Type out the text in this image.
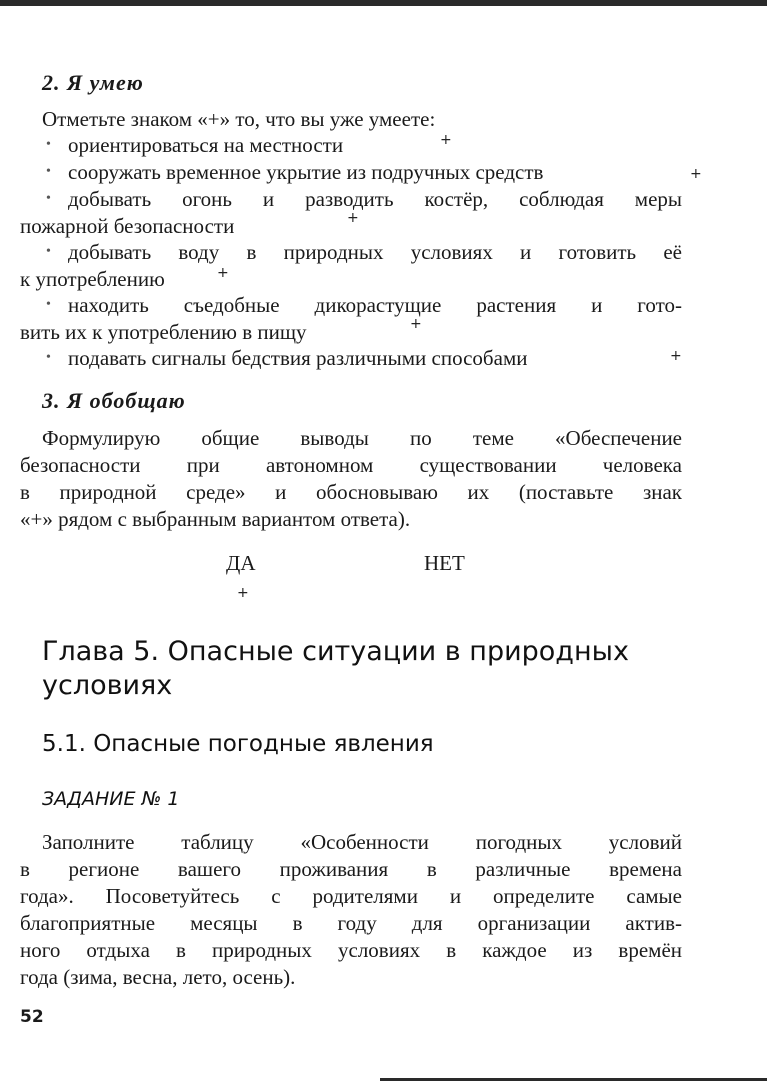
2. Я умею
Отметьте знаком «+» то, что вы уже умеете:
• ориентироваться на местности	+
• сооружать временное укрытие из подручных средств	+
• добывать огонь и разводить костёр, соблюдая меры
пожарной безопасности	+
• добывать воду в природных условиях и готовить её
к употреблению	+
• находить съедобные дикорастущие растения и гото-
вить их к употреблению в пищу	+
• подавать сигналы бедствия различными способами	+
3. Я обобщаю
Формулирую общие выводы по теме «Обеспечение
безопасности при автономном существовании человека
в природной среде» и обосновываю их (поставьте знак
«+» рядом с выбранным вариантом ответа).
ДА	НЕТ
+
Глава 5. Опасные ситуации в природных
условиях
5.1. Опасные погодные явления
ЗАДАНИЕ № 1
Заполните таблицу «Особенности погодных условий
в регионе вашего проживания в различные времена
года». Посоветуйтесь с родителями и определите самые
благоприятные месяцы в году для организации актив-
ного отдыха в природных условиях в каждое из времён
года (зима, весна, лето, осень).
52
